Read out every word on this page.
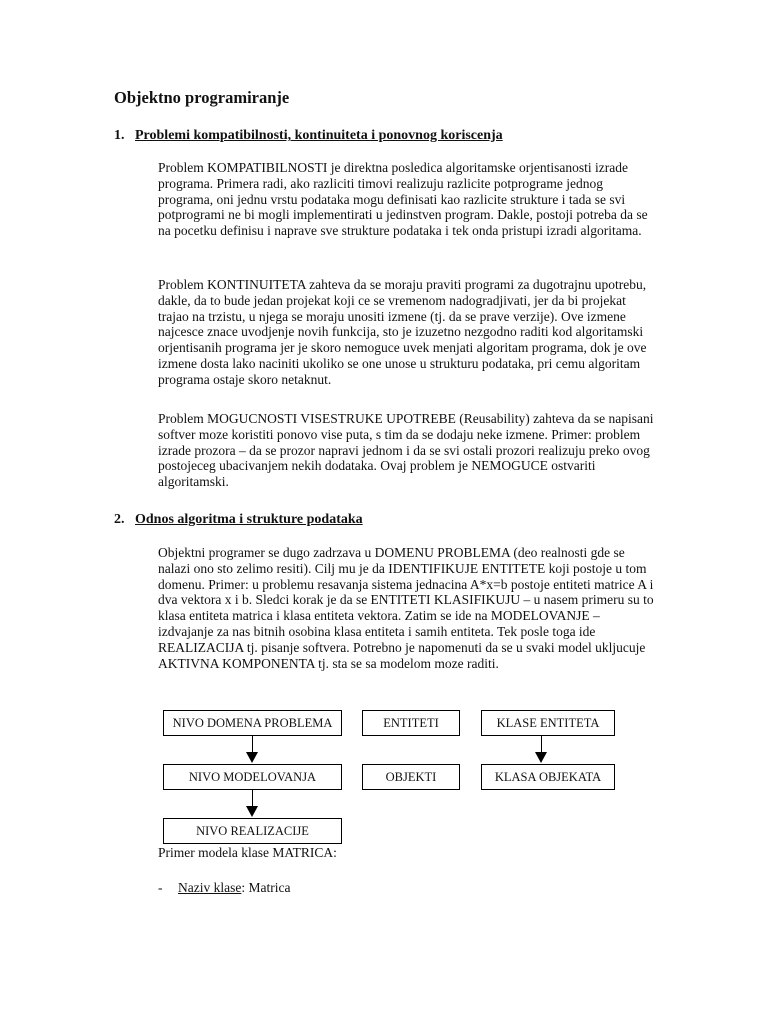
Objektno programiranje

1. Problemi kompatibilnosti, kontinuiteta i ponovnog koriscenja

Problem KOMPATIBILNOSTI je direktna posledica algoritamske orjentisanosti izrade programa. Primera radi, ako razliciti timovi realizuju razlicite potprograme jednog programa, oni jednu vrstu podataka mogu definisati kao razlicite strukture i tada se svi potprogrami ne bi mogli implementirati u jedinstven program. Dakle, postoji potreba da se na pocetku definisu i naprave sve strukture podataka i tek onda pristupi izradi algoritama.

Problem KONTINUITETA zahteva da se moraju praviti programi za dugotrajnu upotrebu, dakle, da to bude jedan projekat koji ce se vremenom nadogradjivati, jer da bi projekat trajao na trzistu, u njega se moraju unositi izmene (tj. da se prave verzije). Ove izmene najcesce znace uvodjenje novih funkcija, sto je izuzetno nezgodno raditi kod algoritamski orjentisanih programa jer je skoro nemoguce uvek menjati algoritam programa, dok je ove izmene dosta lako naciniti ukoliko se one unose u strukturu podataka, pri cemu algoritam programa ostaje skoro netaknut.

Problem MOGUCNOSTI VISESTRUKE UPOTREBE (Reusability) zahteva da se napisani softver moze koristiti ponovo vise puta, s tim da se dodaju neke izmene. Primer: problem izrade prozora – da se prozor napravi jednom i da se svi ostali prozori realizuju preko ovog postojeceg ubacivanjem nekih dodataka. Ovaj problem je NEMOGUCE ostvariti algoritamski.

2. Odnos algoritma i strukture podataka

Objektni programer se dugo zadrzava u DOMENU PROBLEMA (deo realnosti gde se nalazi ono sto zelimo resiti). Cilj mu je da IDENTIFIKUJE ENTITETE koji postoje u tom domenu. Primer: u problemu resavanja sistema jednacina A*x=b postoje entiteti matrice A i dva vektora x i b. Sledci korak je da se ENTITETI KLASIFIKUJU – u nasem primeru su to klasa entiteta matrica i klasa entiteta vektora. Zatim se ide na MODELOVANJE – izdvajanje za nas bitnih osobina klasa entiteta i samih entiteta. Tek posle toga ide REALIZACIJA tj. pisanje softvera. Potrebno je napomenuti da se u svaki model ukljucuje AKTIVNA KOMPONENTA tj. sta se sa modelom moze raditi.

NIVO DOMENA PROBLEMA	ENTITETI	KLASE ENTITETA
NIVO MODELOVANJA	OBJEKTI	KLASA OBJEKATA
NIVO REALIZACIJE

Primer modela klase MATRICA:

- Naziv klase: Matrica
